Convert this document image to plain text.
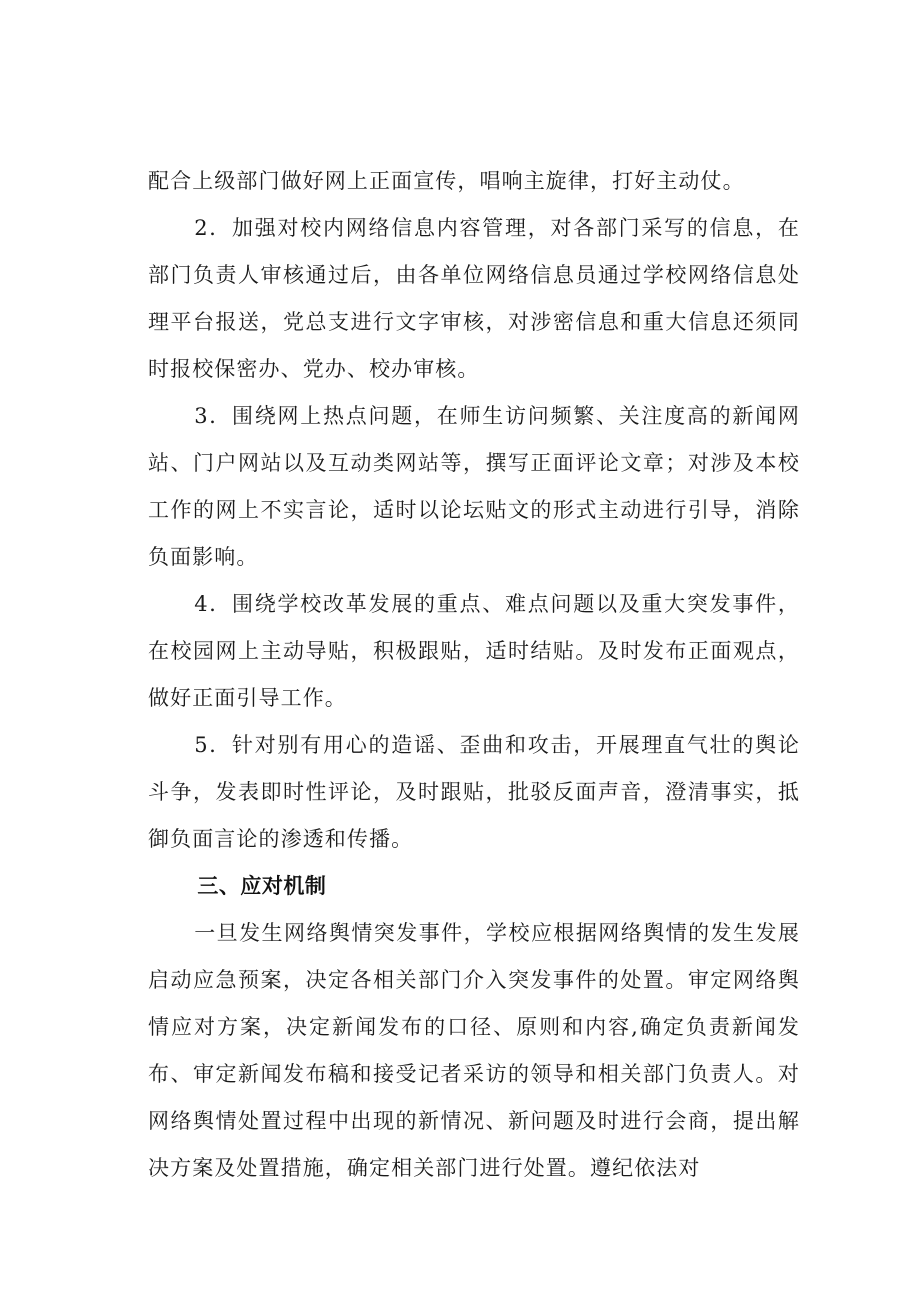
配合上级部门做好网上正面宣传，唱响主旋律，打好主动仗。

2．加强对校内网络信息内容管理，对各部门采写的信息，在部门负责人审核通过后，由各单位网络信息员通过学校网络信息处理平台报送，党总支进行文字审核，对涉密信息和重大信息还须同时报校保密办、党办、校办审核。

3．围绕网上热点问题，在师生访问频繁、关注度高的新闻网站、门户网站以及互动类网站等，撰写正面评论文章；对涉及本校工作的网上不实言论，适时以论坛贴文的形式主动进行引导，消除负面影响。

4．围绕学校改革发展的重点、难点问题以及重大突发事件，在校园网上主动导贴，积极跟贴，适时结贴。及时发布正面观点，做好正面引导工作。

5．针对别有用心的造谣、歪曲和攻击，开展理直气壮的舆论斗争，发表即时性评论，及时跟贴，批驳反面声音，澄清事实，抵御负面言论的渗透和传播。

三、应对机制

一旦发生网络舆情突发事件，学校应根据网络舆情的发生发展启动应急预案，决定各相关部门介入突发事件的处置。审定网络舆情应对方案，决定新闻发布的口径、原则和内容,确定负责新闻发布、审定新闻发布稿和接受记者采访的领导和相关部门负责人。对网络舆情处置过程中出现的新情况、新问题及时进行会商，提出解决方案及处置措施，确定相关部门进行处置。遵纪依法对
